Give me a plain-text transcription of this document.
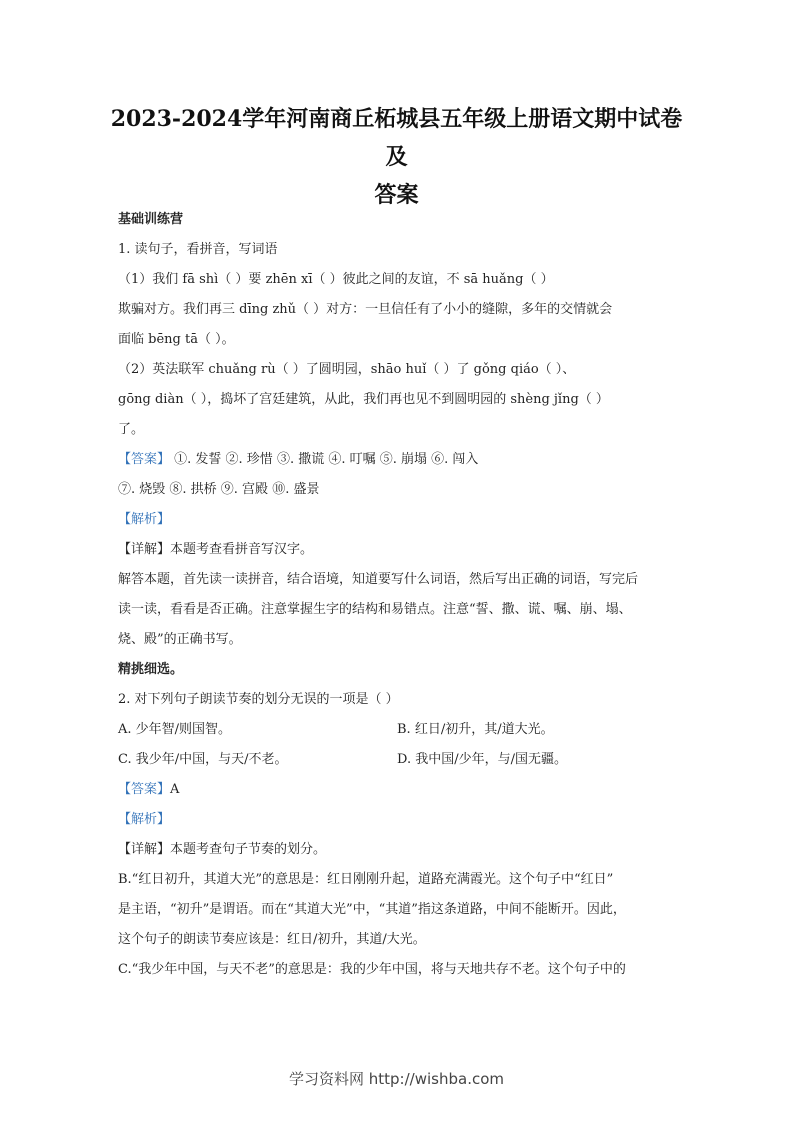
2023-2024学年河南商丘柘城县五年级上册语文期中试卷及
答案
基础训练营
1. 读句子，看拼音，写词语
（1）我们 fā shì（ ）要 zhēn xī（ ）彼此之间的友谊，不 sā huǎng（ ）
欺骗对方。我们再三 dīng zhǔ（ ）对方：一旦信任有了小小的缝隙，多年的交情就会
面临 bēng tā（ ）。
（2）英法联军 chuǎng rù（ ）了圆明园，shāo huǐ（ ）了 gǒng qiáo（ ）、
gōng diàn（ ），捣坏了宫廷建筑，从此，我们再也见不到圆明园的 shèng jǐng（ ）
了。
【答案】 ①. 发誓 ②. 珍惜 ③. 撒谎 ④. 叮嘱 ⑤. 崩塌 ⑥. 闯入
⑦. 烧毁 ⑧. 拱桥 ⑨. 宫殿 ⑩. 盛景
【解析】
【详解】本题考查看拼音写汉字。
解答本题，首先读一读拼音，结合语境，知道要写什么词语，然后写出正确的词语，写完后
读一读，看看是否正确。注意掌握生字的结构和易错点。注意“誓、撒、谎、嘱、崩、塌、
烧、殿”的正确书写。
精挑细选。
2. 对下列句子朗读节奏的划分无误的一项是（ ）
A. 少年智/则国智。	B. 红日/初升，其/道大光。
C. 我少年/中国，与天/不老。	D. 我中国/少年，与/国无疆。
【答案】A
【解析】
【详解】本题考查句子节奏的划分。
B.“红日初升，其道大光”的意思是：红日刚刚升起，道路充满霞光。这个句子中“红日”
是主语，“初升”是谓语。而在“其道大光”中，“其道”指这条道路，中间不能断开。因此，
这个句子的朗读节奏应该是：红日/初升，其道/大光。
C.“我少年中国，与天不老”的意思是：我的少年中国，将与天地共存不老。这个句子中的
学习资料网 http://wishba.com
